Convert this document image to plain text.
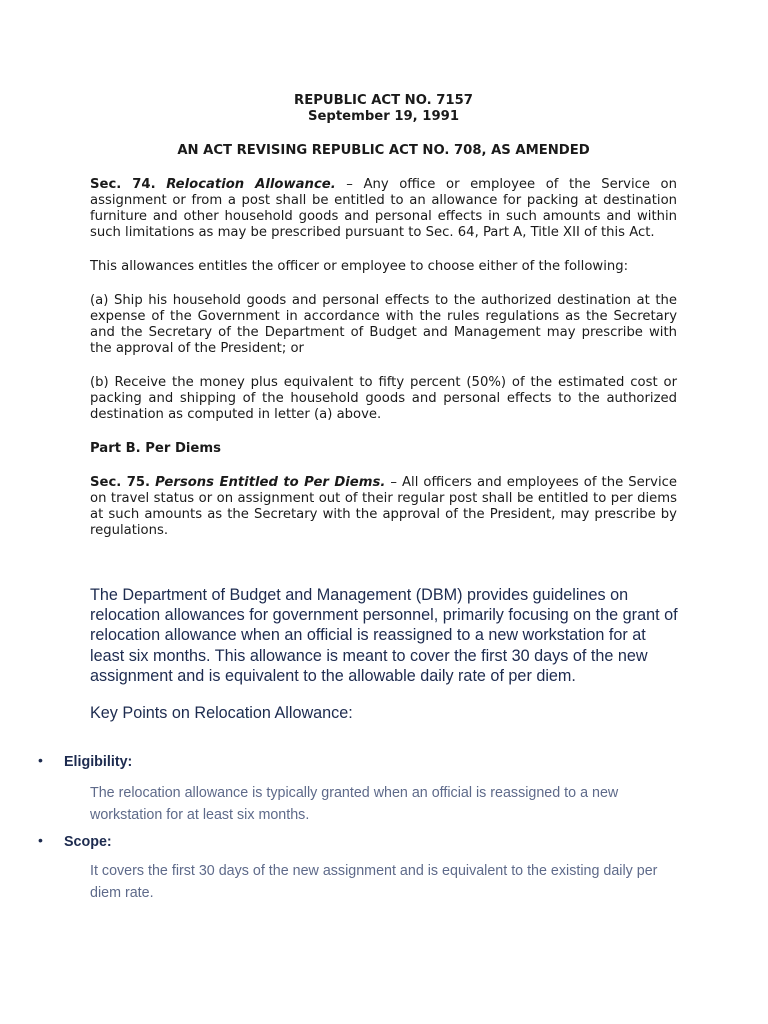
REPUBLIC ACT NO. 7157

September 19, 1991

AN ACT REVISING REPUBLIC ACT NO. 708, AS AMENDED

Sec. 74. Relocation Allowance. – Any office or employee of the Service on assignment or from a post shall be entitled to an allowance for packing at destination furniture and other household goods and personal effects in such amounts and within such limitations as may be prescribed pursuant to Sec. 64, Part A, Title XII of this Act.

This allowances entitles the officer or employee to choose either of the following:

(a) Ship his household goods and personal effects to the authorized destination at the expense of the Government in accordance with the rules regulations as the Secretary and the Secretary of the Department of Budget and Management may prescribe with the approval of the President; or

(b) Receive the money plus equivalent to fifty percent (50%) of the estimated cost or packing and shipping of the household goods and personal effects to the authorized destination as computed in letter (a) above.

Part B. Per Diems

Sec. 75. Persons Entitled to Per Diems. – All officers and employees of the Service on travel status or on assignment out of their regular post shall be entitled to per diems at such amounts as the Secretary with the approval of the President, may prescribe by regulations.

The Department of Budget and Management (DBM) provides guidelines on relocation allowances for government personnel, primarily focusing on the grant of relocation allowance when an official is reassigned to a new workstation for at least six months. This allowance is meant to cover the first 30 days of the new assignment and is equivalent to the allowable daily rate of per diem.

Key Points on Relocation Allowance:

• Eligibility:
The relocation allowance is typically granted when an official is reassigned to a new workstation for at least six months.
• Scope:
It covers the first 30 days of the new assignment and is equivalent to the existing daily per diem rate.
